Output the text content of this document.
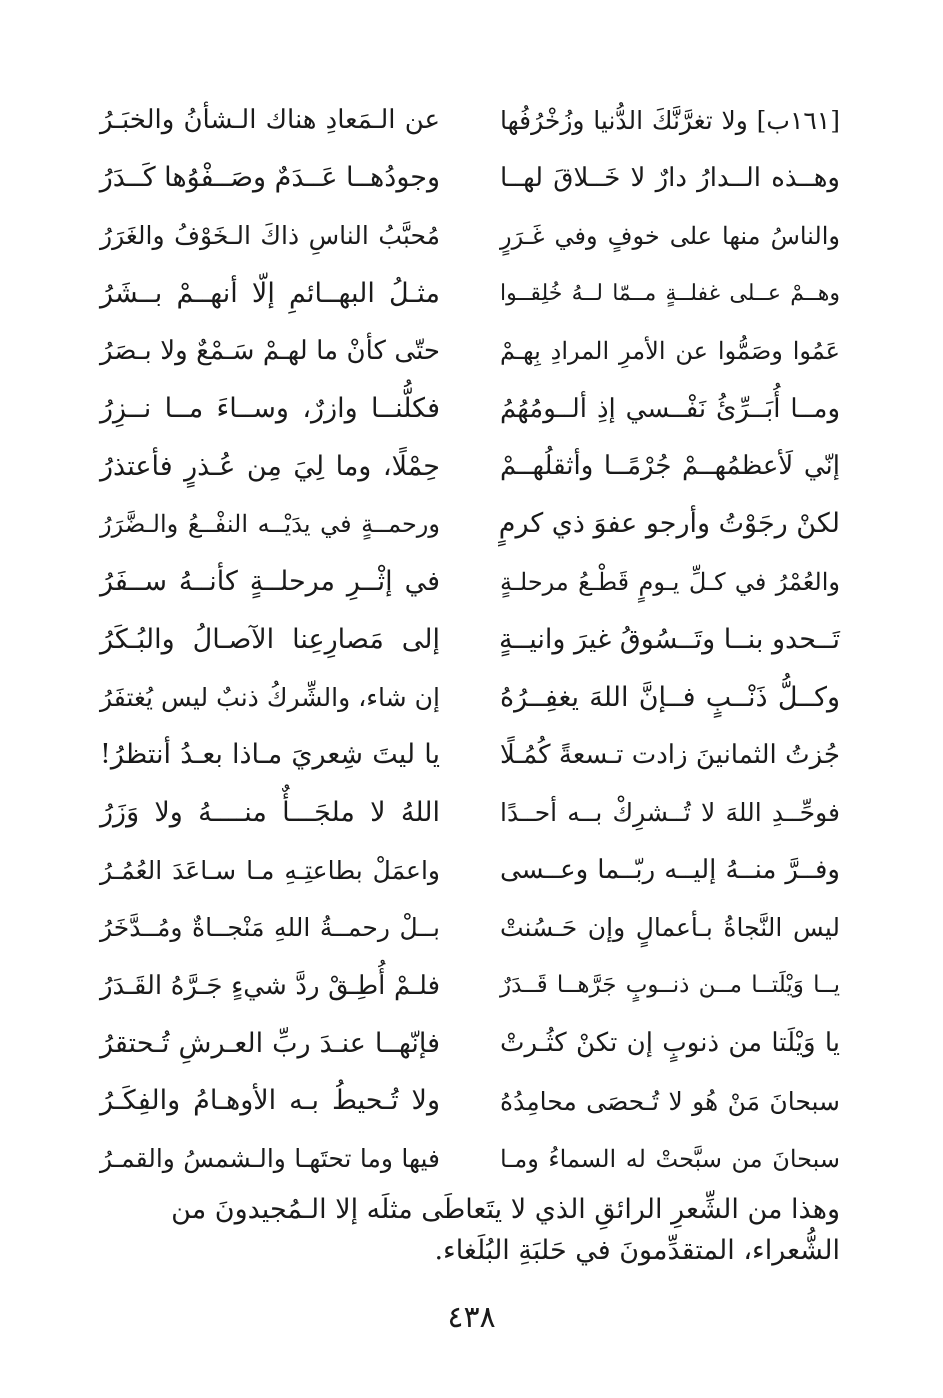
[١٦١ب] ولا تغرَّنَّكَ الدُّنيا وزُخْرُفُها
عن الـمَعادِ هناك الـشأنُ والخبَـرُ
وهــذه الــدارُ دارٌ لا خَــلاقَ لهــا
وجودُهــا عَــدَمٌ وصَــفْوُها كَــدَرُ
والناسُ منها على خوفٍ وفي غَـرَرٍ
مُحبَّبُ الناسِ ذاكَ الـخَوْفُ والغَرَرُ
وهــمْ عــلى غفلــةٍ مــمّا لــهُ خُلِقــوا
مثـلُ البهــائمِ إلّا أنهــمْ بــشَرُ
عَمُوا وصَمُّوا عن الأمرِ المرادِ بِهـمْ
حتّى كأنْ ما لهـمْ سَـمْعٌ ولا بـصَرُ
ومــا أُبَــرِّئُ نَفْــسي إذِ ألــومُهُمُ
فكلُّنــا وازرٌ، وســاءَ مــا نــزِرُ
إنّي لَأعظمُهــمْ جُرْمًــا وأثقلُهــمْ
حِمْلًا، وما لِيَ مِن عُـذرٍ فأعتذرُ
لكنْ رجَوْتُ وأرجو عفوَ ذي كرمٍ
ورحمــةٍ في يدَيْــه النفْــعُ والـضَّرَرُ
والعُمْرُ في كـلِّ يـومٍ قَطْـعُ مرحلـةٍ
في إثْــرِ مرحلــةٍ كأنــهُ ســفَرُ
تَــحدو بنــا وتَــسُوقُ غيرَ وانيــةٍ
إلى مَصارِعِنا الآصـالُ والبُـكَرُ
وكــلُّ ذَنْــبٍ فــإنَّ اللهَ يغفِــرُهُ
إن شاء، والشِّركُ ذنبٌ ليس يُغتفَرُ
جُزتُ الثمانينَ زادت تـسعةً كُمُـلًا
يا ليتَ شِعريَ مـاذا بعـدُ أنتظرُ!
فوحِّــدِ اللهَ لا تُــشرِكْ بــه أحــدًا
اللهُ لا ملجَـــأٌ منــــهُ ولا وَزَرُ
وفــرَّ منــهُ إليــه ربّــما وعــسى
واعمَلْ بطاعتِـهِ مـا سـاعَدَ العُمُـرُ
ليس النَّجاةُ بـأعمالٍ وإن حَـسُنتْ
بــلْ رحمــةُ اللهِ مَنْجــاةٌ ومُــدَّخَرُ
يــا وَيْلَتــا مــن ذنــوبٍ جَرَّهــا قَــدَرٌ
فلـمْ أُطِـقْ ردَّ شيءٍ جَـرَّهُ القَـدَرُ
يا وَيْلَتا من ذنوبٍ إن تكنْ كثُـرتْ
فإنّهــا عنـدَ ربِّ العـرشِ تُـحتقرُ
سبحانَ مَنْ هُو لا تُـحصَى محامِدُهُ
ولا تُـحيطُ بـه الأوهـامُ والفِكَـرُ
سبحانَ من سبَّحتْ له السماءُ ومـا
فيها وما تحتَهـا والـشمسُ والقمـرُ
وهذا من الشِّعرِ الرائقِ الذي لا يتَعاطَى مثلَه إلا الـمُجيدونَ من الشُّعراء، المتقدِّمونَ في حَلبَةِ البُلَغاء.
٤٣٨
